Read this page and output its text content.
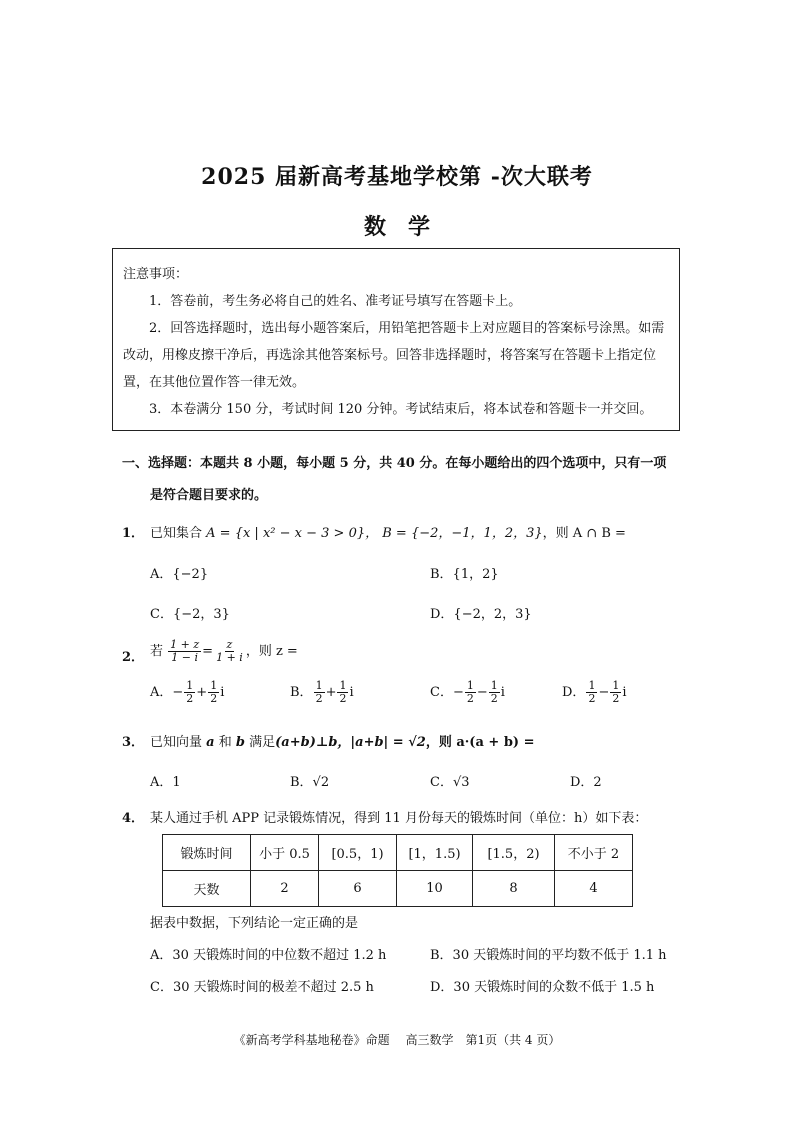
2025 届新高考基地学校第 -次大联考
数学
注意事项：
1．答卷前，考生务必将自己的姓名、准考证号填写在答题卡上。
2．回答选择题时，选出每小题答案后，用铅笔把答题卡上对应题目的答案标号涂黑。如需改动，用橡皮擦干净后，再选涂其他答案标号。回答非选择题时，将答案写在答题卡上指定位置，在其他位置作答一律无效。
3．本卷满分 150 分，考试时间 120 分钟。考试结束后，将本试卷和答题卡一并交回。
一、选择题：本题共 8 小题，每小题 5 分，共 40 分。在每小题给出的四个选项中，只有一项
是符合题目要求的。
1． 已知集合 A = {x | x² − x − 3 > 0}， B = {−2，−1，1，2，3}，则 A ∩ B =
A．{−2}	B．{1，2}
C．{−2，3}	D．{−2，2，3}
2． 若 $\frac{1 + z}{1 - i} = \frac{z}{1 + i}$ ，则 z =
A．− $\frac{1}{2} + \frac{1}{2}$ i	B． $\frac{1}{2} + \frac{1}{2}$ i	C．− $\frac{1}{2} - \frac{1}{2}$ i	D． $\frac{1}{2} - \frac{1}{2}$ i
3． 已知向量 a 和 b 满足(a+b)⊥b，|a+b| = √2，则 a·(a + b) =
A．1	B．√2	C．√3	D．2
4． 某人通过手机 APP 记录锻炼情况，得到 11 月份每天的锻炼时间（单位：h）如下表：
锻炼时间	小于 0.5	[0.5，1)	[1，1.5)	[1.5，2)	不小于 2
天数	2	6	10	8	4
据表中数据，下列结论一定正确的是
A．30 天锻炼时间的中位数不超过 1.2 h	B．30 天锻炼时间的平均数不低于 1.1 h
C．30 天锻炼时间的极差不超过 2.5 h	D．30 天锻炼时间的众数不低于 1.5 h
《新高考学科基地秘卷》命题　 高三数学　第1页（共 4 页）
